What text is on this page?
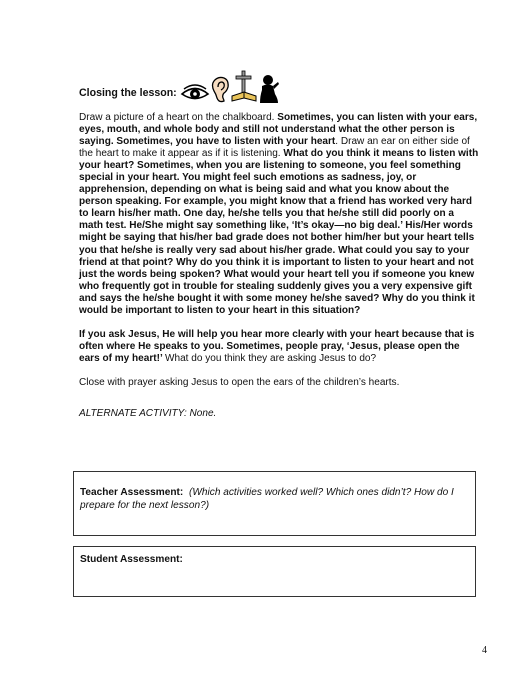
Closing the lesson:

Draw a picture of a heart on the chalkboard. Sometimes, you can listen with your ears, eyes, mouth, and whole body and still not understand what the other person is saying. Sometimes, you have to listen with your heart. Draw an ear on either side of the heart to make it appear as if it is listening. What do you think it means to listen with your heart? Sometimes, when you are listening to someone, you feel something special in your heart. You might feel such emotions as sadness, joy, or apprehension, depending on what is being said and what you know about the person speaking. For example, you might know that a friend has worked very hard to learn his/her math. One day, he/she tells you that he/she still did poorly on a math test. He/She might say something like, ‘It’s okay—no big deal.’ His/Her words might be saying that his/her bad grade does not bother him/her but your heart tells you that he/she is really very sad about his/her grade. What could you say to your friend at that point? Why do you think it is important to listen to your heart and not just the words being spoken? What would your heart tell you if someone you knew who frequently got in trouble for stealing suddenly gives you a very expensive gift and says the he/she bought it with some money he/she saved? Why do you think it would be important to listen to your heart in this situation?

If you ask Jesus, He will help you hear more clearly with your heart because that is often where He speaks to you. Sometimes, people pray, ‘Jesus, please open the ears of my heart!’ What do you think they are asking Jesus to do?

Close with prayer asking Jesus to open the ears of the children’s hearts.

ALTERNATE ACTIVITY: None.

Teacher Assessment: (Which activities worked well? Which ones didn’t? How do I prepare for the next lesson?)
Student Assessment:
4
